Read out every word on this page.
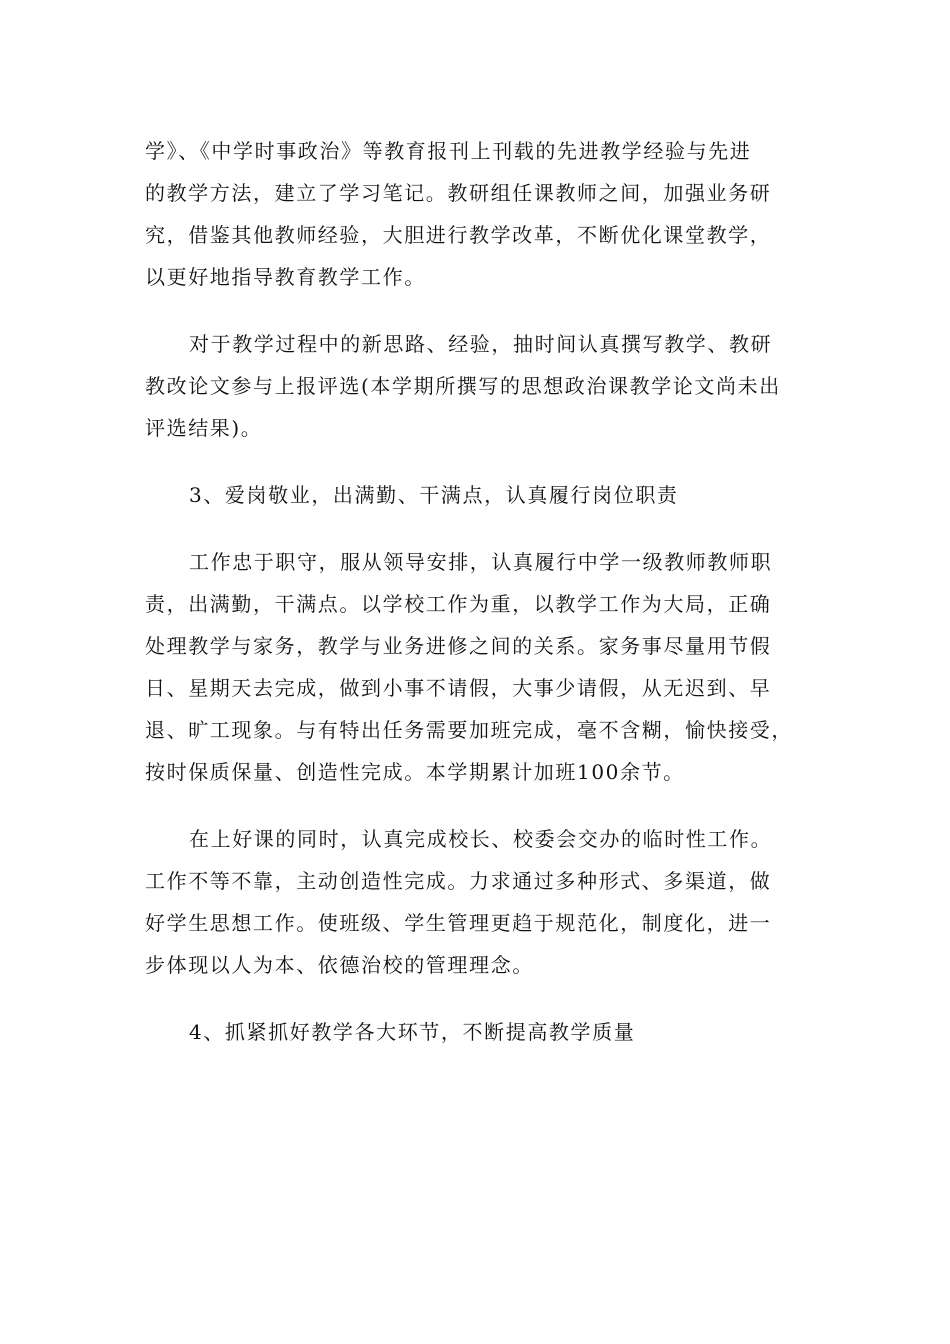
学》、《中学时事政治》等教育报刊上刊载的先进教学经验与先进
的教学方法，建立了学习笔记。教研组任课教师之间，加强业务研
究，借鉴其他教师经验，大胆进行教学改革，不断优化课堂教学，
以更好地指导教育教学工作。

对于教学过程中的新思路、经验，抽时间认真撰写教学、教研
教改论文参与上报评选(本学期所撰写的思想政治课教学论文尚未出
评选结果)。

3、爱岗敬业，出满勤、干满点，认真履行岗位职责

工作忠于职守，服从领导安排，认真履行中学一级教师教师职
责，出满勤，干满点。以学校工作为重，以教学工作为大局，正确
处理教学与家务，教学与业务进修之间的关系。家务事尽量用节假
日、星期天去完成，做到小事不请假，大事少请假，从无迟到、早
退、旷工现象。与有特出任务需要加班完成，毫不含糊，愉快接受，
按时保质保量、创造性完成。本学期累计加班100余节。

在上好课的同时，认真完成校长、校委会交办的临时性工作。
工作不等不靠，主动创造性完成。力求通过多种形式、多渠道，做
好学生思想工作。使班级、学生管理更趋于规范化，制度化，进一
步体现以人为本、依德治校的管理理念。

4、抓紧抓好教学各大环节，不断提高教学质量
